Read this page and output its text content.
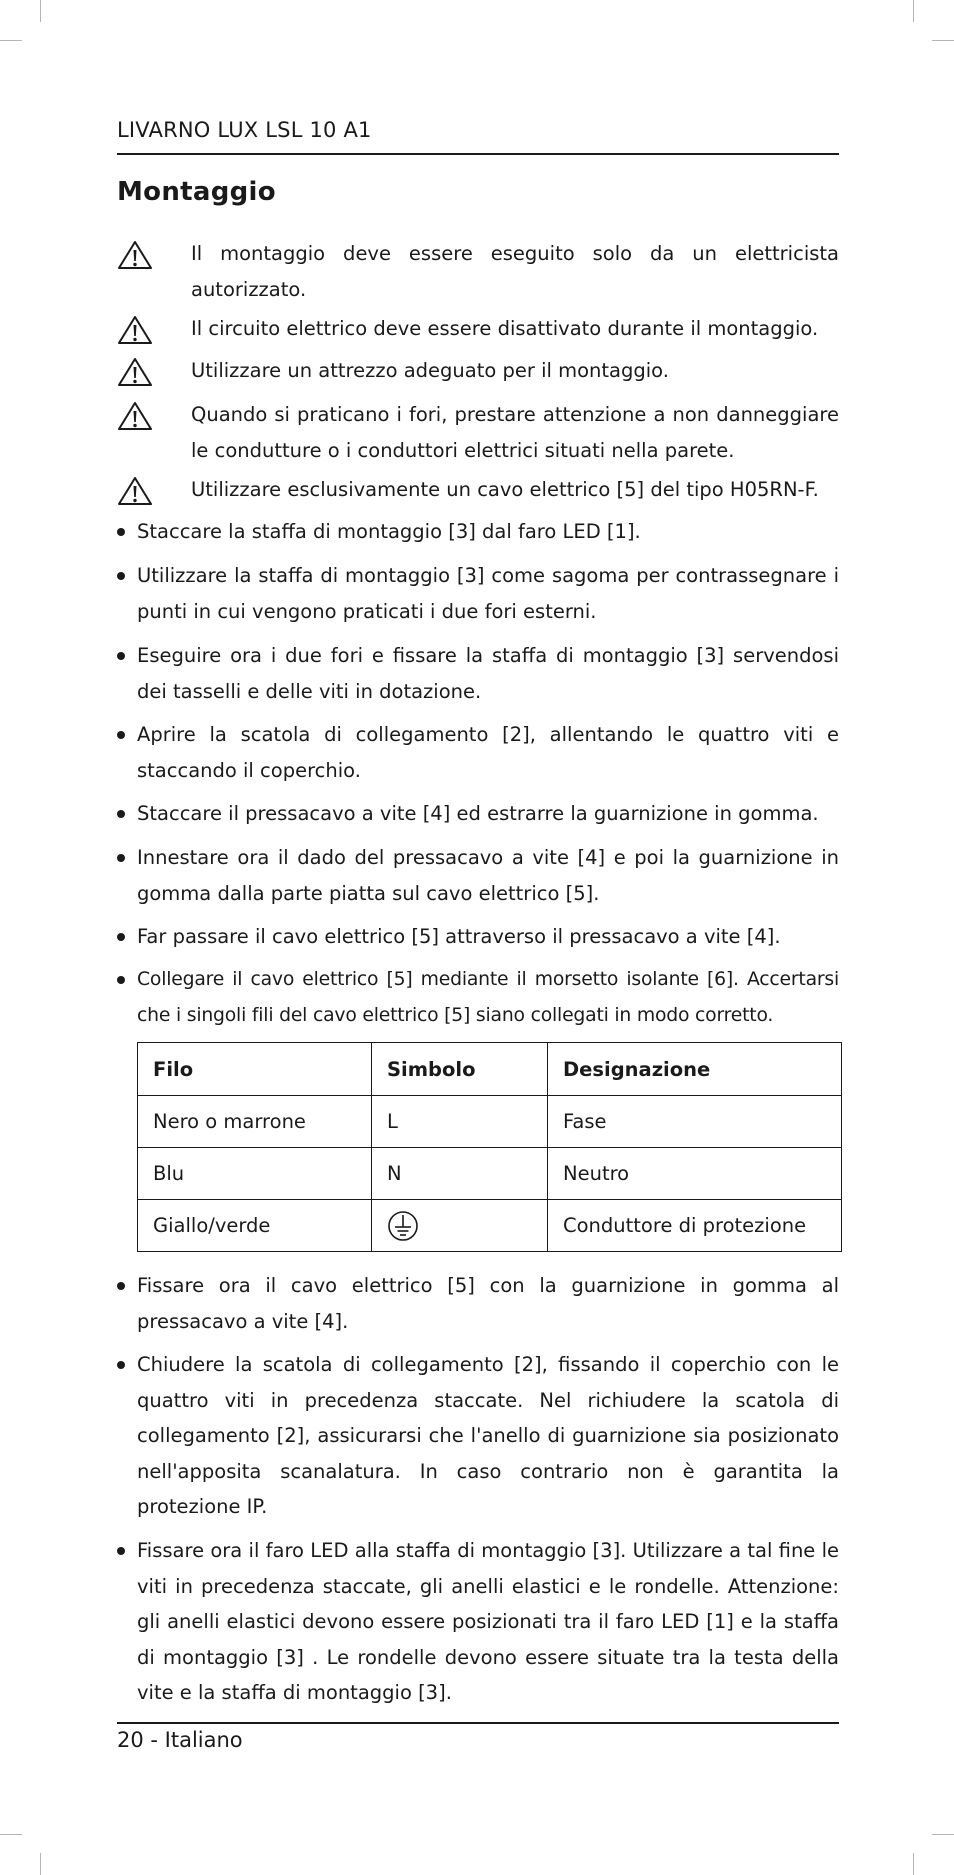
LIVARNO LUX LSL 10 A1
Montaggio
Il montaggio deve essere eseguito solo da un elettricista autorizzato.
Il circuito elettrico deve essere disattivato durante il montaggio.
Utilizzare un attrezzo adeguato per il montaggio.
Quando si praticano i fori, prestare attenzione a non danneggiare le condutture o i conduttori elettrici situati nella parete.
Utilizzare esclusivamente un cavo elettrico [5] del tipo H05RN-F.
Staccare la staffa di montaggio [3] dal faro LED [1].
Utilizzare la staffa di montaggio [3] come sagoma per contrassegnare i punti in cui vengono praticati i due fori esterni.
Eseguire ora i due fori e fissare la staffa di montaggio [3] servendosi dei tasselli e delle viti in dotazione.
Aprire la scatola di collegamento [2], allentando le quattro viti e staccando il coperchio.
Staccare il pressacavo a vite [4] ed estrarre la guarnizione in gomma.
Innestare ora il dado del pressacavo a vite [4] e poi la guarnizione in gomma dalla parte piatta sul cavo elettrico [5].
Far passare il cavo elettrico [5] attraverso il pressacavo a vite [4].
Collegare il cavo elettrico [5] mediante il morsetto isolante [6]. Accertarsi che i singoli fili del cavo elettrico [5] siano collegati in modo corretto.
Filo	Simbolo	Designazione
Nero o marrone	L	Fase
Blu	N	Neutro
Giallo/verde		Conduttore di protezione
Fissare ora il cavo elettrico [5] con la guarnizione in gomma al pressacavo a vite [4].
Chiudere la scatola di collegamento [2], fissando il coperchio con le quattro viti in precedenza staccate. Nel richiudere la scatola di collegamento [2], assicurarsi che l'anello di guarnizione sia posizionato nell'apposita scanalatura. In caso contrario non è garantita la protezione IP.
Fissare ora il faro LED alla staffa di montaggio [3]. Utilizzare a tal fine le viti in precedenza staccate, gli anelli elastici e le rondelle. Attenzione: gli anelli elastici devono essere posizionati tra il faro LED [1] e la staffa di montaggio [3] . Le rondelle devono essere situate tra la testa della vite e la staffa di montaggio [3].
20 - Italiano
